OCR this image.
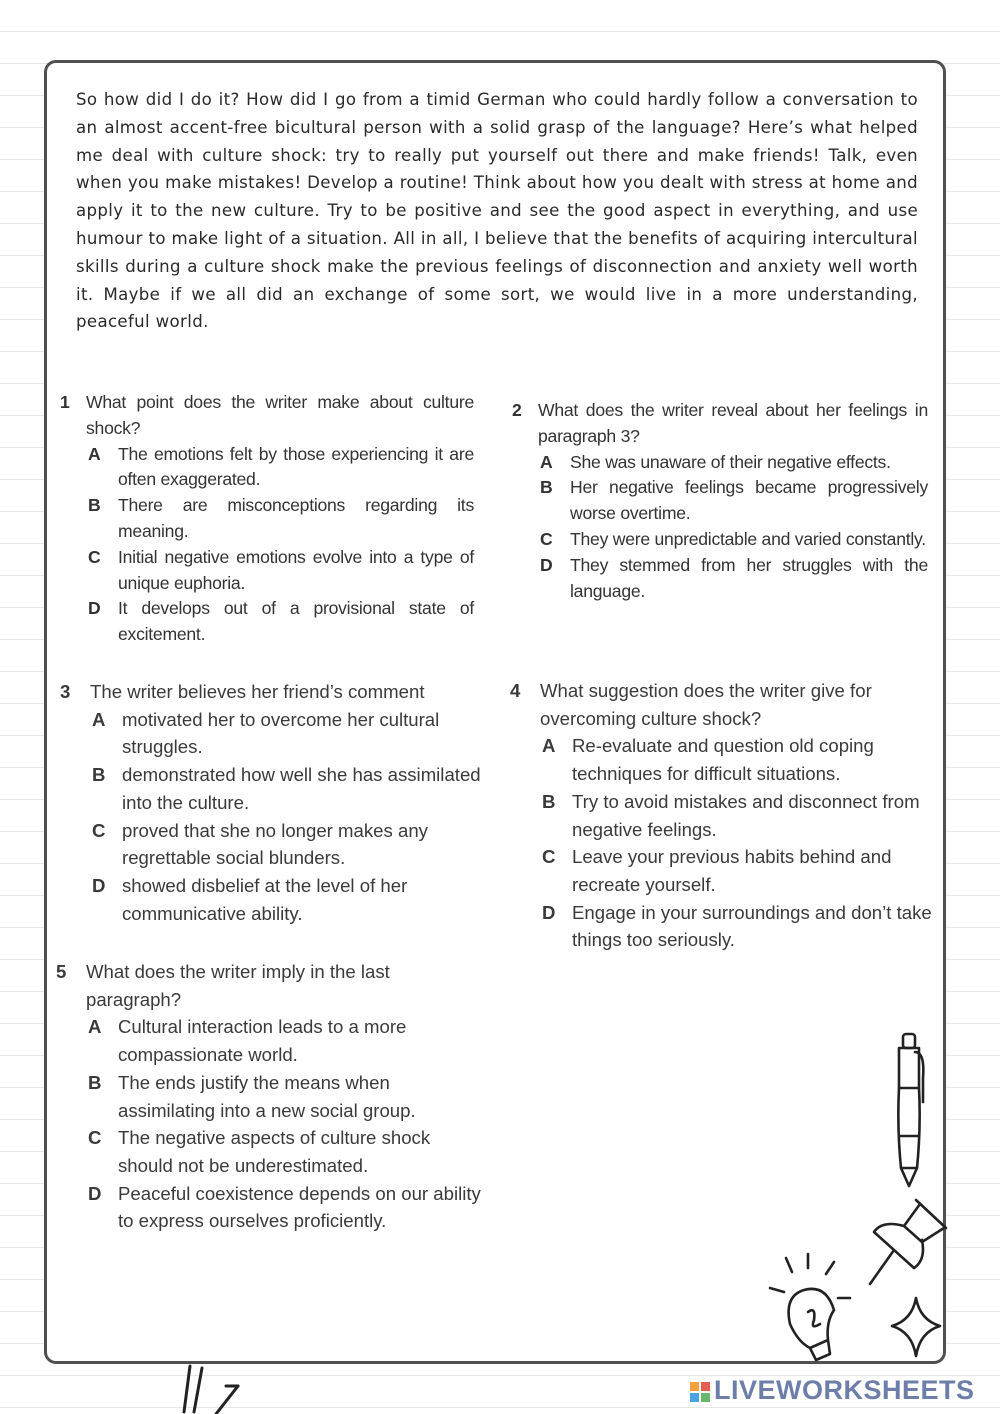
So how did I do it? How did I go from a timid German who could hardly follow a conversation to an almost accent-free bicultural person with a solid grasp of the language? Here’s what helped me deal with culture shock: try to really put yourself out there and make friends! Talk, even when you make mistakes! Develop a routine! Think about how you dealt with stress at home and apply it to the new culture. Try to be positive and see the good aspect in everything, and use humour to make light of a situation. All in all, I believe that the benefits of acquiring intercultural skills during a culture shock make the previous feelings of disconnection and anxiety well worth it. Maybe if we all did an exchange of some sort, we would live in a more understanding, peaceful world.

1 What point does the writer make about culture shock?
A The emotions felt by those experiencing it are often exaggerated.
B There are misconceptions regarding its meaning.
C Initial negative emotions evolve into a type of unique euphoria.
D It develops out of a provisional state of excitement.
2 What does the writer reveal about her feelings in paragraph 3?
A She was unaware of their negative effects.
B Her negative feelings became progressively worse overtime.
C They were unpredictable and varied constantly.
D They stemmed from her struggles with the language.
3 The writer believes her friend’s comment
A motivated her to overcome her cultural struggles.
B demonstrated how well she has assimilated into the culture.
C proved that she no longer makes any regrettable social blunders.
D showed disbelief at the level of her communicative ability.
4 What suggestion does the writer give for overcoming culture shock?
A Re-evaluate and question old coping techniques for difficult situations.
B Try to avoid mistakes and disconnect from negative feelings.
C Leave your previous habits behind and recreate yourself.
D Engage in your surroundings and don’t take things too seriously.
5 What does the writer imply in the last paragraph?
A Cultural interaction leads to a more compassionate world.
B The ends justify the means when assimilating into a new social group.
C The negative aspects of culture shock should not be underestimated.
D Peaceful coexistence depends on our ability to express ourselves proficiently.
LIVEWORKSHEETS
